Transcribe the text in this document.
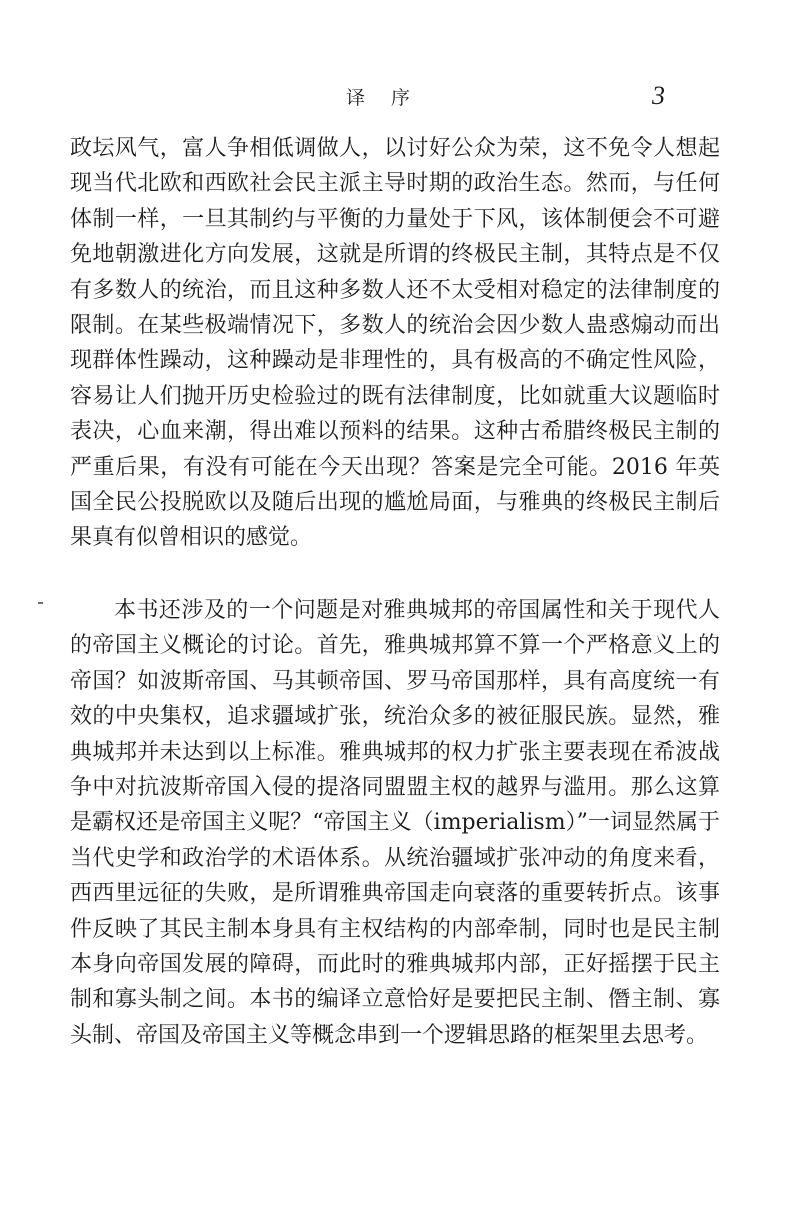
译 序	3

政坛风气，富人争相低调做人，以讨好公众为荣，这不免令人想起现当代北欧和西欧社会民主派主导时期的政治生态。然而，与任何体制一样，一旦其制约与平衡的力量处于下风，该体制便会不可避免地朝激进化方向发展，这就是所谓的终极民主制，其特点是不仅有多数人的统治，而且这种多数人还不太受相对稳定的法律制度的限制。在某些极端情况下，多数人的统治会因少数人蛊惑煽动而出现群体性躁动，这种躁动是非理性的，具有极高的不确定性风险，容易让人们抛开历史检验过的既有法律制度，比如就重大议题临时表决，心血来潮，得出难以预料的结果。这种古希腊终极民主制的严重后果，有没有可能在今天出现？答案是完全可能。2016 年英国全民公投脱欧以及随后出现的尴尬局面，与雅典的终极民主制后果真有似曾相识的感觉。

本书还涉及的一个问题是对雅典城邦的帝国属性和关于现代人的帝国主义概论的讨论。首先，雅典城邦算不算一个严格意义上的帝国？如波斯帝国、马其顿帝国、罗马帝国那样，具有高度统一有效的中央集权，追求疆域扩张，统治众多的被征服民族。显然，雅典城邦并未达到以上标准。雅典城邦的权力扩张主要表现在希波战争中对抗波斯帝国入侵的提洛同盟盟主权的越界与滥用。那么这算是霸权还是帝国主义呢？“帝国主义（imperialism）”一词显然属于当代史学和政治学的术语体系。从统治疆域扩张冲动的角度来看，西西里远征的失败，是所谓雅典帝国走向衰落的重要转折点。该事件反映了其民主制本身具有主权结构的内部牵制，同时也是民主制本身向帝国发展的障碍，而此时的雅典城邦内部，正好摇摆于民主制和寡头制之间。本书的编译立意恰好是要把民主制、僭主制、寡头制、帝国及帝国主义等概念串到一个逻辑思路的框架里去思考。
